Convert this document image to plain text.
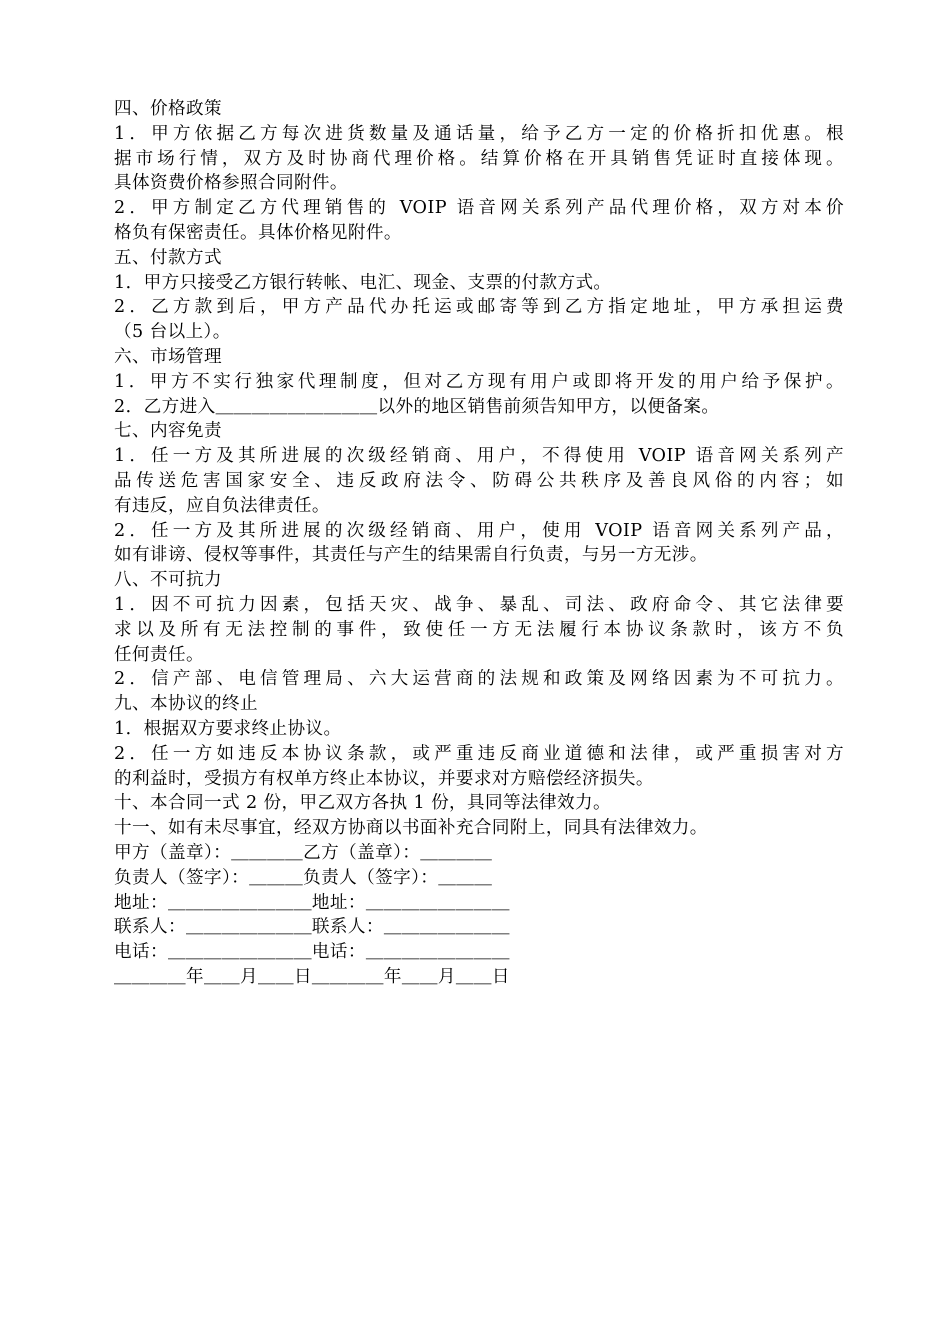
四、价格政策
1．甲方依据乙方每次进货数量及通话量，给予乙方一定的价格折扣优惠。根
据市场行情，双方及时协商代理价格。结算价格在开具销售凭证时直接体现。
具体资费价格参照合同附件。
2．甲方制定乙方代理销售的 VOIP 语音网关系列产品代理价格，双方对本价
格负有保密责任。具体价格见附件。
五、付款方式
1．甲方只接受乙方银行转帐、电汇、现金、支票的付款方式。
2．乙方款到后，甲方产品代办托运或邮寄等到乙方指定地址，甲方承担运费
（5 台以上）。
六、市场管理
1．甲方不实行独家代理制度，但对乙方现有用户或即将开发的用户给予保护。
2．乙方进入＿＿＿＿＿＿＿＿＿以外的地区销售前须告知甲方，以便备案。
七、内容免责
1．任一方及其所进展的次级经销商、用户，不得使用 VOIP 语音网关系列产
品传送危害国家安全、违反政府法令、防碍公共秩序及善良风俗的内容；如
有违反，应自负法律责任。
2．任一方及其所进展的次级经销商、用户，使用 VOIP 语音网关系列产品，
如有诽谤、侵权等事件，其责任与产生的结果需自行负责，与另一方无涉。
八、不可抗力
1．因不可抗力因素，包括天灾、战争、暴乱、司法、政府命令、其它法律要
求以及所有无法控制的事件，致使任一方无法履行本协议条款时，该方不负
任何责任。
2．信产部、电信管理局、六大运营商的法规和政策及网络因素为不可抗力。
九、本协议的终止
1．根据双方要求终止协议。
2．任一方如违反本协议条款，或严重违反商业道德和法律，或严重损害对方
的利益时，受损方有权单方终止本协议，并要求对方赔偿经济损失。
十、本合同一式 2 份，甲乙双方各执 1 份，具同等法律效力。
十一、如有未尽事宜，经双方协商以书面补充合同附上，同具有法律效力。
甲方（盖章）：＿＿＿＿乙方（盖章）：＿＿＿＿
负责人（签字）：＿＿＿负责人（签字）：＿＿＿
地址：＿＿＿＿＿＿＿＿地址：＿＿＿＿＿＿＿＿
联系人：＿＿＿＿＿＿＿联系人：＿＿＿＿＿＿＿
电话：＿＿＿＿＿＿＿＿电话：＿＿＿＿＿＿＿＿
＿＿＿＿年＿＿月＿＿日＿＿＿＿年＿＿月＿＿日
